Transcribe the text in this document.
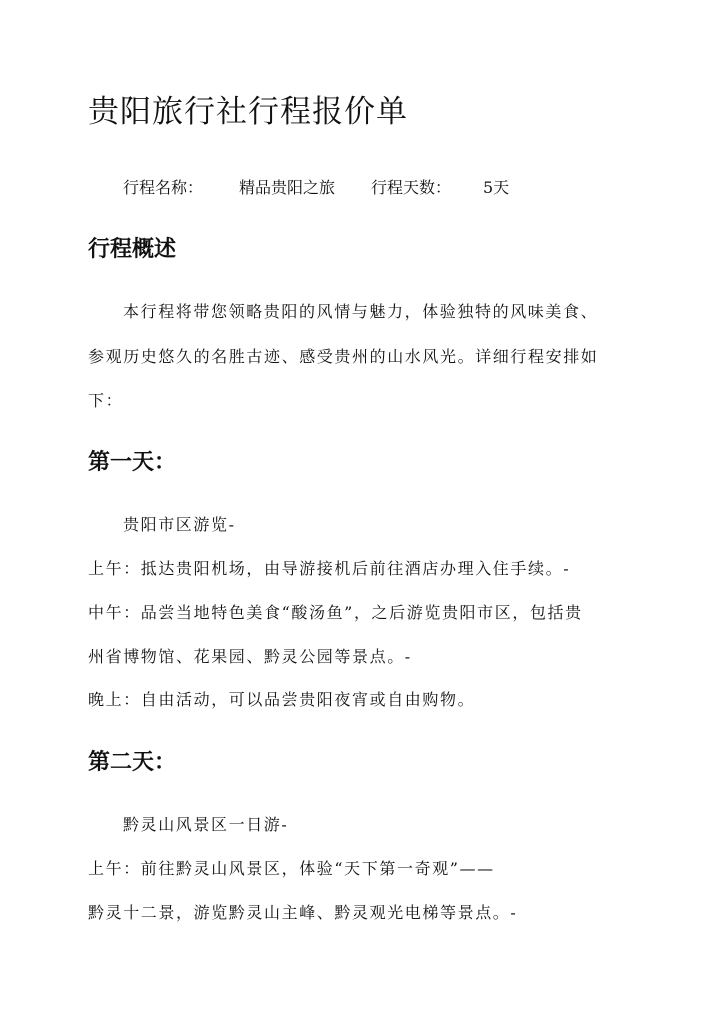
贵阳旅行社行程报价单
行程名称： 精品贵阳之旅 行程天数： 5天
行程概述

本行程将带您领略贵阳的风情与魅力，体验独特的风味美食、

参观历史悠久的名胜古迹、感受贵州的山水风光。详细行程安排如

下：

第一天：

贵阳市区游览-

上午：抵达贵阳机场，由导游接机后前往酒店办理入住手续。-

中午：品尝当地特色美食“酸汤鱼”，之后游览贵阳市区，包括贵

州省博物馆、花果园、黔灵公园等景点。-

晚上：自由活动，可以品尝贵阳夜宵或自由购物。

第二天：

黔灵山风景区一日游-

上午：前往黔灵山风景区，体验“天下第一奇观”——

黔灵十二景，游览黔灵山主峰、黔灵观光电梯等景点。-
